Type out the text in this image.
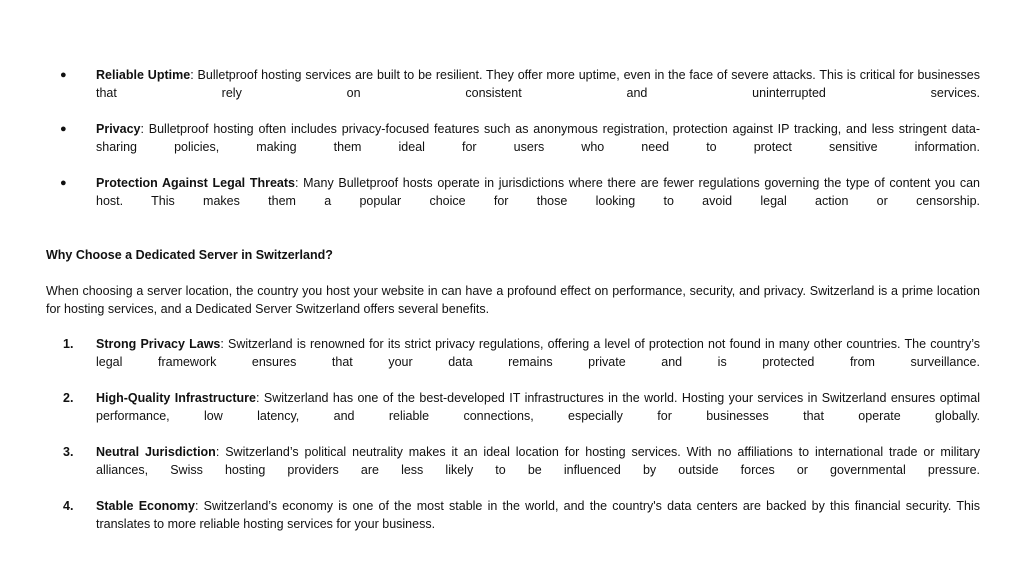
●	Reliable Uptime: Bulletproof hosting services are built to be resilient. They offer more uptime, even in the face of severe attacks. This is critical for businesses that rely on consistent and uninterrupted services.
●	Privacy: Bulletproof hosting often includes privacy-focused features such as anonymous registration, protection against IP tracking, and less stringent data-sharing policies, making them ideal for users who need to protect sensitive information.
●	Protection Against Legal Threats: Many Bulletproof hosts operate in jurisdictions where there are fewer regulations governing the type of content you can host. This makes them a popular choice for those looking to avoid legal action or censorship.
Why Choose a Dedicated Server in Switzerland?
When choosing a server location, the country you host your website in can have a profound effect on performance, security, and privacy. Switzerland is a prime location for hosting services, and a Dedicated Server Switzerland offers several benefits.
1.	Strong Privacy Laws: Switzerland is renowned for its strict privacy regulations, offering a level of protection not found in many other countries. The country’s legal framework ensures that your data remains private and is protected from surveillance.
2.	High-Quality Infrastructure: Switzerland has one of the best-developed IT infrastructures in the world. Hosting your services in Switzerland ensures optimal performance, low latency, and reliable connections, especially for businesses that operate globally.
3.	Neutral Jurisdiction: Switzerland’s political neutrality makes it an ideal location for hosting services. With no affiliations to international trade or military alliances, Swiss hosting providers are less likely to be influenced by outside forces or governmental pressure.
4.	Stable Economy: Switzerland’s economy is one of the most stable in the world, and the country's data centers are backed by this financial security. This translates to more reliable hosting services for your business.
